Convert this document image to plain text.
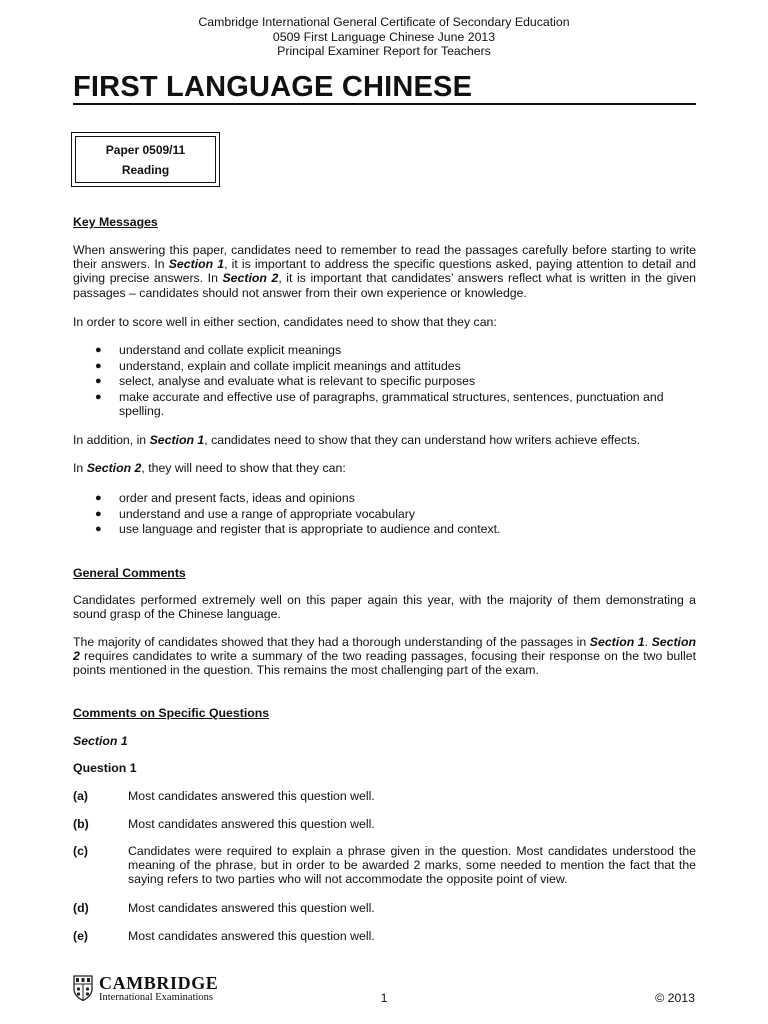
Cambridge International General Certificate of Secondary Education
0509 First Language Chinese June 2013
Principal Examiner Report for Teachers
FIRST LANGUAGE CHINESE
Paper 0509/11
Reading
Key Messages
When answering this paper, candidates need to remember to read the passages carefully before starting to write their answers. In Section 1, it is important to address the specific questions asked, paying attention to detail and giving precise answers. In Section 2, it is important that candidates’ answers reflect what is written in the given passages – candidates should not answer from their own experience or knowledge.
In order to score well in either section, candidates need to show that they can:
● understand and collate explicit meanings
● understand, explain and collate implicit meanings and attitudes
● select, analyse and evaluate what is relevant to specific purposes
● make accurate and effective use of paragraphs, grammatical structures, sentences, punctuation and spelling.
In addition, in Section 1, candidates need to show that they can understand how writers achieve effects.
In Section 2, they will need to show that they can:
● order and present facts, ideas and opinions
● understand and use a range of appropriate vocabulary
● use language and register that is appropriate to audience and context.
General Comments
Candidates performed extremely well on this paper again this year, with the majority of them demonstrating a sound grasp of the Chinese language.
The majority of candidates showed that they had a thorough understanding of the passages in Section 1. Section 2 requires candidates to write a summary of the two reading passages, focusing their response on the two bullet points mentioned in the question. This remains the most challenging part of the exam.
Comments on Specific Questions
Section 1
Question 1
(a)	Most candidates answered this question well.
(b)	Most candidates answered this question well.
(c)	Candidates were required to explain a phrase given in the question. Most candidates understood the meaning of the phrase, but in order to be awarded 2 marks, some needed to mention the fact that the saying refers to two parties who will not accommodate the opposite point of view.
(d)	Most candidates answered this question well.
(e)	Most candidates answered this question well.
CAMBRIDGE
International Examinations	1	© 2013
